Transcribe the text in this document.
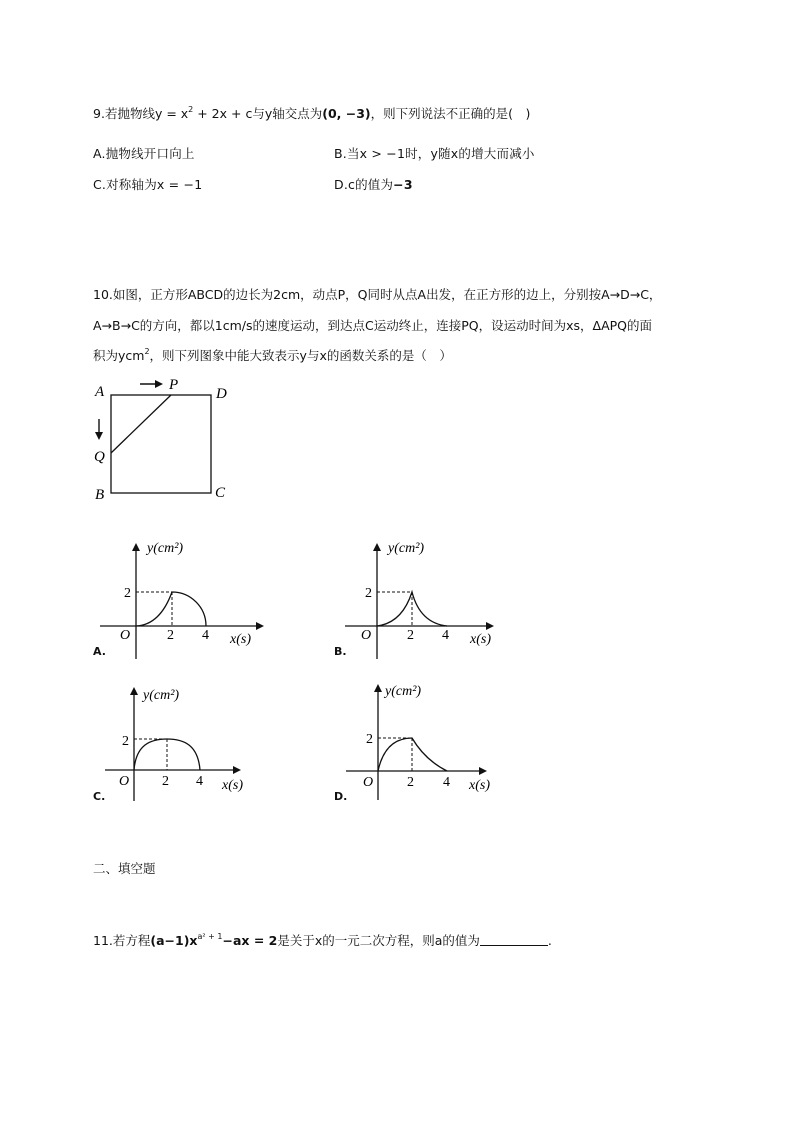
9.若抛物线$y = x^2 + 2x + c$与y轴交点为(0, −3)，则下列说法不正确的是(　)
A.抛物线开口向上	B.当x > −1时，y随x的增大而减小
C.对称轴为x = −1	D.c的值为−3
10.如图，正方形ABCD的边长为2cm，动点P，Q同时从点A出发，在正方形的边上，分别按A→D→C，
A→B→C的方向，都以1cm/s的速度运动，到达点C运动终止，连接PQ，设运动时间为xs，ΔAPQ的面
积为ycm$^2$，则下列图象中能大致表示y与x的函数关系的是（　）
A	P
D
Q
B	C
y(cm²)
2
O	2 4 x(s)
A.
y(cm²)
2
O	2 4 x(s)
B.
y(cm²)
2
O 2 4 x(s)
C.
y(cm²)
2
O 2 4 x(s)
D.
二、填空题
11.若方程$(a-1)x^{a^2 + 1}-ax = 2$是关于x的一元二次方程，则a的值为	.
